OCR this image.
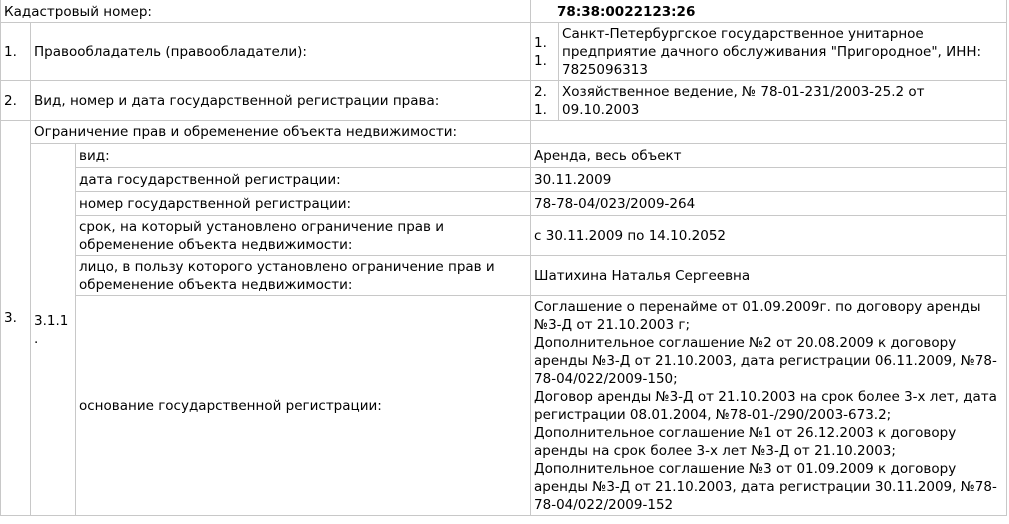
Кадастровый номер:			78:38:0022123:26	
1.	Правообладатель (правообладатели):		1.1.	Санкт-Петербургское государственное унитарное предприятие дачного обслуживания "Пригородное", ИНН: 7825096313
2.	Вид, номер и дата государственной регистрации права:		2.1.	Хозяйственное ведение, № 78-01-231/2003-25.2 от 09.10.2003
3.	Ограничение прав и обременение объекта недвижимости:			
	3.1.1.	вид:	Аренда, весь объект	
		дата государственной регистрации:	30.11.2009	
		номер государственной регистрации:	78-78-04/023/2009-264	
		срок, на который установлено ограничение прав и обременение объекта недвижимости:	с 30.11.2009 по 14.10.2052	
		лицо, в пользу которого установлено ограничение прав и обременение объекта недвижимости:	Шатихина Наталья Сергеевна	
		основание государственной регистрации:	Соглашение о перенайме от 01.09.2009г. по договору аренды №3-Д от 21.10.2003 г;
Дополнительное соглашение №2 от 20.08.2009 к договору аренды №3-Д от 21.10.2003, дата регистрации 06.11.2009, №78-78-04/022/2009-150;
Договор аренды №3-Д от 21.10.2003 на срок более 3-х лет, дата регистрации 08.01.2004, №78-01-/290/2003-673.2;
Дополнительное соглашение №1 от 26.12.2003 к договору аренды на срок более 3-х лет №3-Д от 21.10.2003;
Дополнительное соглашение №3 от 01.09.2009 к договору аренды №3-Д от 21.10.2003, дата регистрации 30.11.2009, №78-78-04/022/2009-152	
